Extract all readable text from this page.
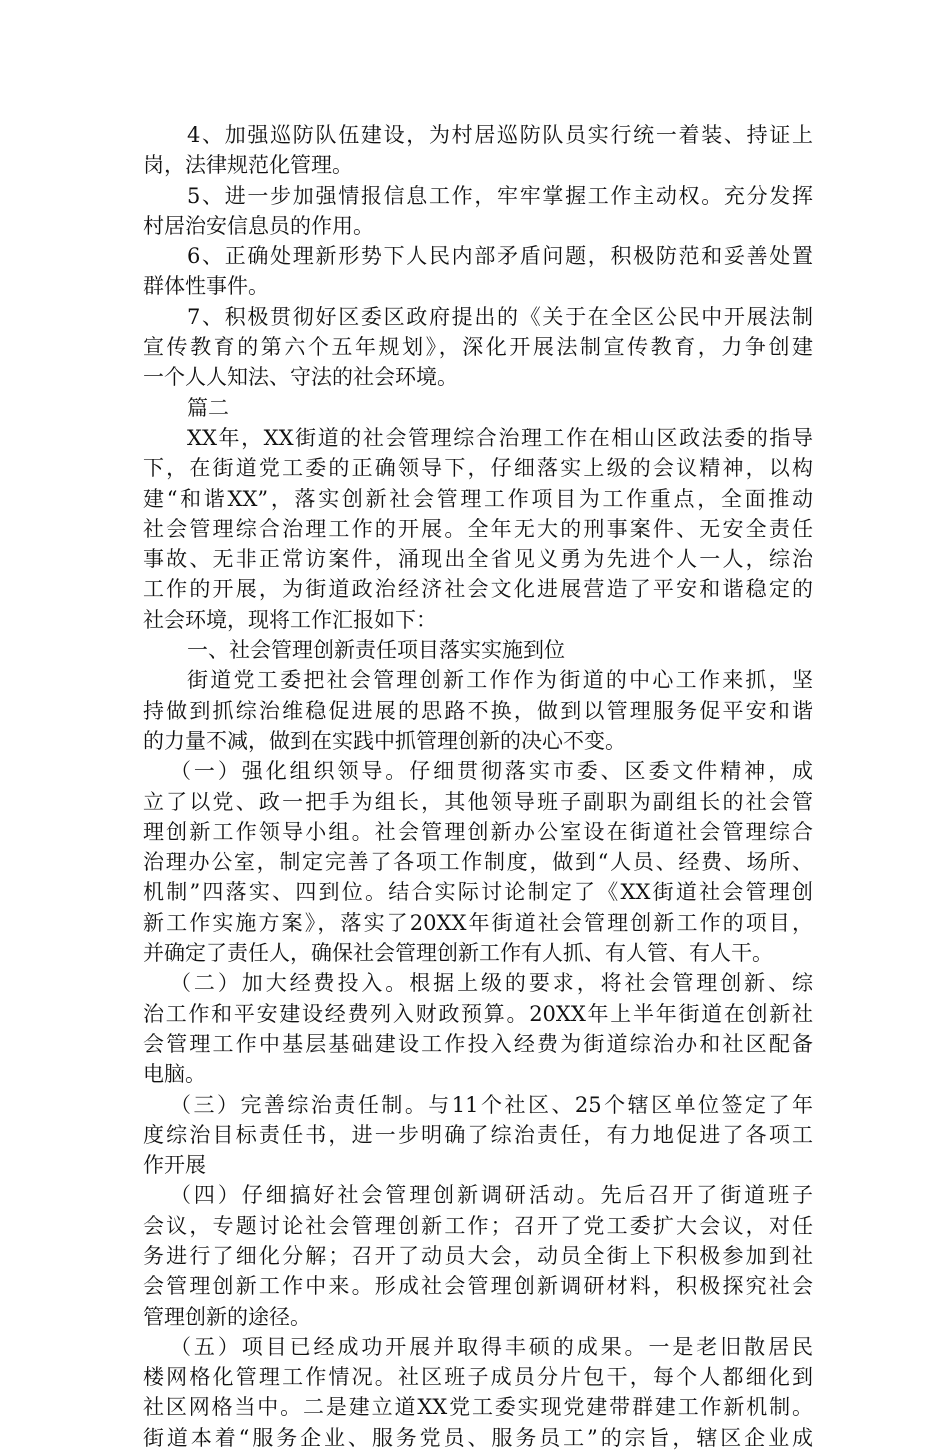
4、加强巡防队伍建设，为村居巡防队员实行统一着装、持证上
岗，法律规范化管理。
5、进一步加强情报信息工作，牢牢掌握工作主动权。充分发挥
村居治安信息员的作用。
6、正确处理新形势下人民内部矛盾问题，积极防范和妥善处置
群体性事件。
7、积极贯彻好区委区政府提出的《关于在全区公民中开展法制
宣传教育的第六个五年规划》，深化开展法制宣传教育，力争创建
一个人人知法、守法的社会环境。
篇二
XX年，XX街道的社会管理综合治理工作在相山区政法委的指导
下，在街道党工委的正确领导下，仔细落实上级的会议精神，以构
建“和谐XX”，落实创新社会管理工作项目为工作重点，全面推动
社会管理综合治理工作的开展。全年无大的刑事案件、无安全责任
事故、无非正常访案件，涌现出全省见义勇为先进个人一人，综治
工作的开展，为街道政治经济社会文化进展营造了平安和谐稳定的
社会环境，现将工作汇报如下：
一、社会管理创新责任项目落实实施到位
街道党工委把社会管理创新工作作为街道的中心工作来抓，坚
持做到抓综治维稳促进展的思路不换，做到以管理服务促平安和谐
的力量不减，做到在实践中抓管理创新的决心不变。
（一）强化组织领导。仔细贯彻落实市委、区委文件精神，成
立了以党、政一把手为组长，其他领导班子副职为副组长的社会管
理创新工作领导小组。社会管理创新办公室设在街道社会管理综合
治理办公室，制定完善了各项工作制度，做到“人员、经费、场所、
机制”四落实、四到位。结合实际讨论制定了《XX街道社会管理创
新工作实施方案》，落实了20XX年街道社会管理创新工作的项目，
并确定了责任人，确保社会管理创新工作有人抓、有人管、有人干。
（二）加大经费投入。根据上级的要求，将社会管理创新、综
治工作和平安建设经费列入财政预算。20XX年上半年街道在创新社
会管理工作中基层基础建设工作投入经费为街道综治办和社区配备
电脑。
（三）完善综治责任制。与11个社区、25个辖区单位签定了年
度综治目标责任书，进一步明确了综治责任，有力地促进了各项工
作开展
（四）仔细搞好社会管理创新调研活动。先后召开了街道班子
会议，专题讨论社会管理创新工作；召开了党工委扩大会议，对任
务进行了细化分解；召开了动员大会，动员全街上下积极参加到社
会管理创新工作中来。形成社会管理创新调研材料，积极探究社会
管理创新的途径。
（五）项目已经成功开展并取得丰硕的成果。一是老旧散居民
楼网格化管理工作情况。社区班子成员分片包干，每个人都细化到
社区网格当中。二是建立道XX党工委实现党建带群建工作新机制。
街道本着“服务企业、服务党员、服务员工”的宗旨，辖区企业成
